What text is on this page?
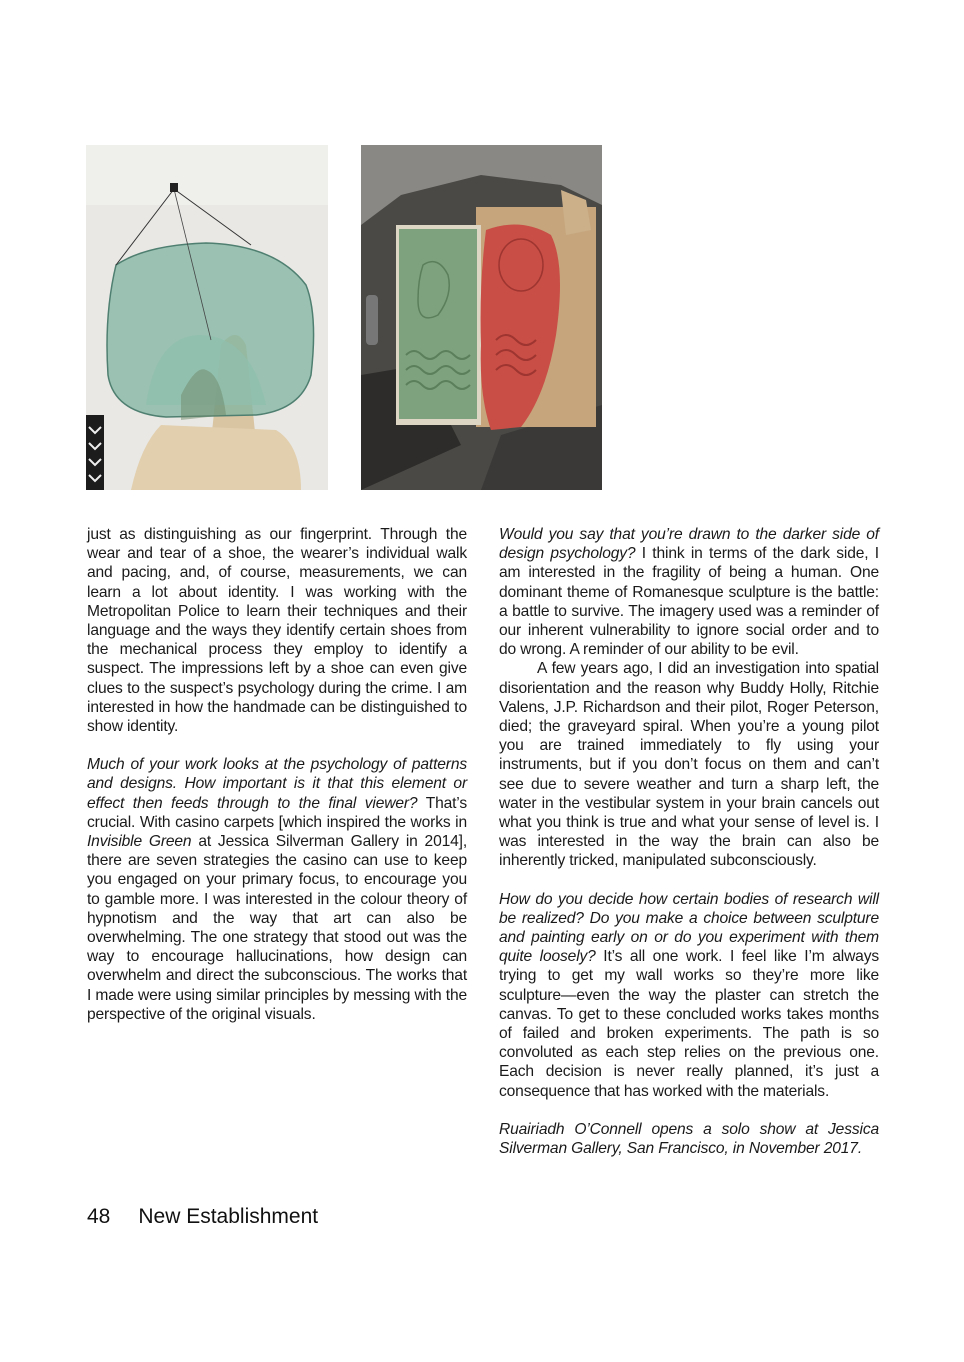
just as distinguishing as our fingerprint. Through the wear and tear of a shoe, the wearer’s individual walk and pacing, and, of course, measurements, we can learn a lot about identity. I was working with the Metropolitan Police to learn their techniques and their language and the ways they identify certain shoes from the mechanical process they employ to identify a suspect. The impressions left by a shoe can even give clues to the suspect’s psychology during the crime. I am interested in how the handmade can be distinguished to show identity.

Much of your work looks at the psychology of patterns and designs. How important is it that this element or effect then feeds through to the final viewer? That’s crucial. With casino carpets [which inspired the works in Invisible Green at Jessica Silverman Gallery in 2014], there are seven strategies the casino can use to keep you engaged on your primary focus, to encourage you to gamble more. I was interested in the colour theory of hypnotism and the way that art can also be overwhelming. The one strategy that stood out was the way to encourage hallucinations, how design can overwhelm and direct the subconscious. The works that I made were using similar principles by messing with the perspective of the original visuals.

Would you say that you’re drawn to the darker side of design psychology? I think in terms of the dark side, I am interested in the fragility of being a human. One dominant theme of Romanesque sculpture is the battle: a battle to survive. The imagery used was a reminder of our inherent vulnerability to ignore social order and to do wrong. A reminder of our ability to be evil.

A few years ago, I did an investigation into spatial disorientation and the reason why Buddy Holly, Ritchie Valens, J.P. Richardson and their pilot, Roger Peterson, died; the graveyard spiral. When you’re a young pilot you are trained immediately to fly using your instruments, but if you don’t focus on them and can’t see due to severe weather and turn a sharp left, the water in the vestibular system in your brain cancels out what you think is true and what your sense of level is. I was interested in the way the brain can also be inherently tricked, manipulated subconsciously.

How do you decide how certain bodies of research will be realized? Do you make a choice between sculpture and painting early on or do you experiment with them quite loosely? It’s all one work. I feel like I’m always trying to get my wall works so they’re more like sculpture—even the way the plaster can stretch the canvas. To get to these concluded works takes months of failed and broken experiments. The path is so convoluted as each step relies on the previous one. Each decision is never really planned, it’s just a consequence that has worked with the materials.

Ruairiadh O’Connell opens a solo show at Jessica Silverman Gallery, San Francisco, in November 2017.

48 New Establishment
